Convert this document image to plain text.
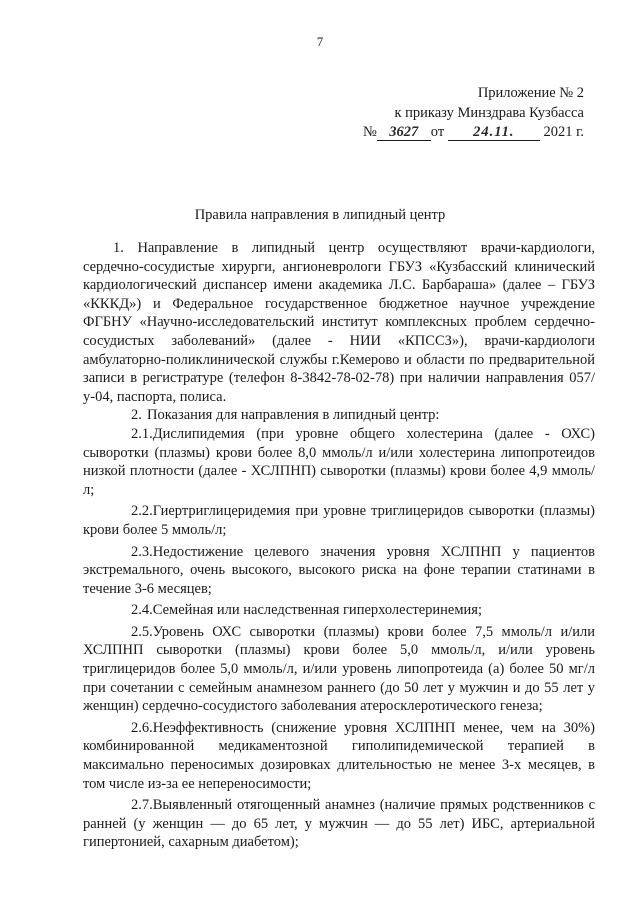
7
Приложение № 2
к приказу Минздрава Кузбасса
№ 3627 от 24.11. 2021 г.
Правила направления в липидный центр

1. Направление в липидный центр осуществляют врачи-кардиологи, сердечно-сосудистые хирурги, ангионеврологи ГБУЗ «Кузбасский клинический кардиологический диспансер имени академика Л.С. Барбараша» (далее – ГБУЗ «КККД») и Федеральное государственное бюджетное научное учреждение ФГБНУ «Научно-исследовательский институт комплексных проблем сердечно-сосудистых заболеваний» (далее - НИИ «КПССЗ»), врачи-кардиологи амбулаторно-поликлинической службы г.Кемерово и области по предварительной записи в регистратуре (телефон 8-3842-78-02-78) при наличии направления 057/у-04, паспорта, полиса.

2. Показания для направления в липидный центр:

2.1.Дислипидемия (при уровне общего холестерина (далее - ОХС) сыворотки (плазмы) крови более 8,0 ммоль/л и/или холестерина липопротеидов низкой плотности (далее - ХСЛПНП) сыворотки (плазмы) крови более 4,9 ммоль/л;

2.2.Гиертриглицеридемия при уровне триглицеридов сыворотки (плазмы) крови более 5 ммоль/л;

2.3.Недостижение целевого значения уровня ХСЛПНП у пациентов экстремального, очень высокого, высокого риска на фоне терапии статинами в течение 3-6 месяцев;

2.4.Семейная или наследственная гиперхолестеринемия;

2.5.Уровень ОХС сыворотки (плазмы) крови более 7,5 ммоль/л и/или ХСЛПНП сыворотки (плазмы) крови более 5,0 ммоль/л, и/или уровень триглицеридов более 5,0 ммоль/л, и/или уровень липопротеида (а) более 50 мг/л при сочетании с семейным анамнезом раннего (до 50 лет у мужчин и до 55 лет у женщин) сердечно-сосудистого заболевания атеросклеротического генеза;

2.6.Неэффективность (снижение уровня ХСЛПНП менее, чем на 30%) комбинированной медикаментозной гиполипидемической терапией в максимально переносимых дозировках длительностью не менее 3-х месяцев, в том числе из-за ее непереносимости;

2.7.Выявленный отягощенный анамнез (наличие прямых родственников с ранней (у женщин — до 65 лет, у мужчин — до 55 лет) ИБС, артериальной гипертонией, сахарным диабетом);
